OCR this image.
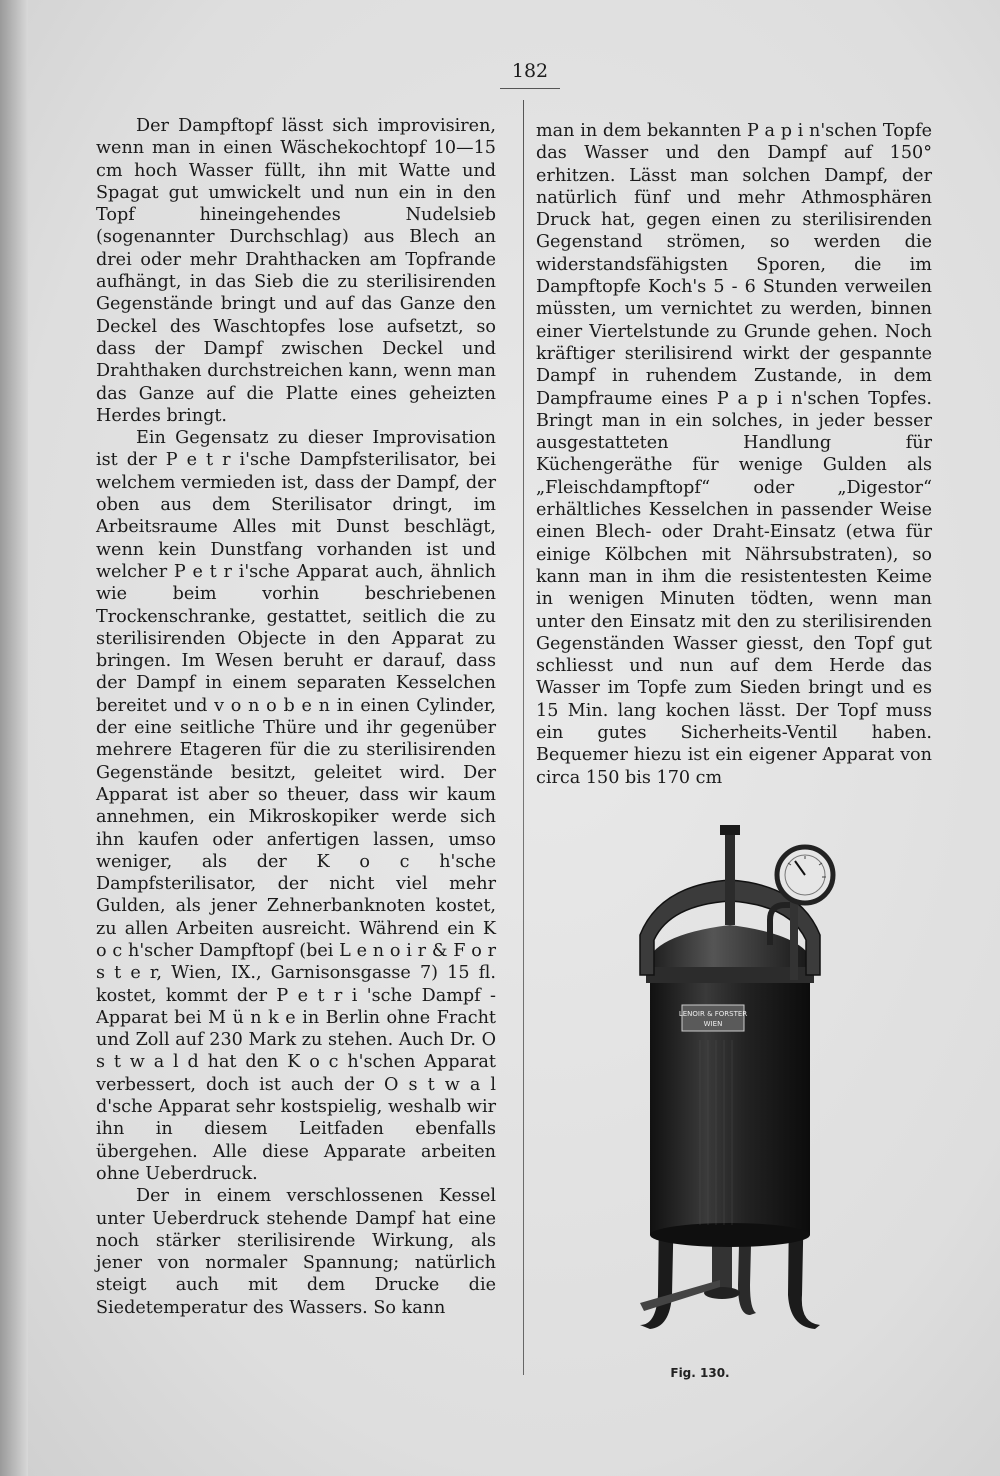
182

Der Dampftopf lässt sich improvisiren, wenn man in einen Wäschekochtopf 10—15 cm hoch Wasser füllt, ihn mit Watte und Spagat gut umwickelt und nun ein in den Topf hineingehendes Nudelsieb (sogenannter Durchschlag) aus Blech an drei oder mehr Drahthacken am Topfrande aufhängt, in das Sieb die zu sterilisirenden Gegenstände bringt und auf das Ganze den Deckel des Waschtopfes lose aufsetzt, so dass der Dampf zwischen Deckel und Drahthaken durchstreichen kann, wenn man das Ganze auf die Platte eines geheizten Herdes bringt.

Ein Gegensatz zu dieser Improvisation ist der P e t r i'sche Dampfsterilisator, bei welchem vermieden ist, dass der Dampf, der oben aus dem Sterilisator dringt, im Arbeitsraume Alles mit Dunst beschlägt, wenn kein Dunstfang vorhanden ist und welcher P e t r i'sche Apparat auch, ähnlich wie beim vorhin beschriebenen Trockenschranke, gestattet, seitlich die zu sterilisirenden Objecte in den Apparat zu bringen. Im Wesen beruht er darauf, dass der Dampf in einem separaten Kesselchen bereitet und v o n o b e n in einen Cylinder, der eine seitliche Thüre und ihr gegenüber mehrere Etageren für die zu sterilisirenden Gegenstände besitzt, geleitet wird. Der Apparat ist aber so theuer, dass wir kaum annehmen, ein Mikroskopiker werde sich ihn kaufen oder anfertigen lassen, umso weniger, als der K o c h'sche Dampfsterilisator, der nicht viel mehr Gulden, als jener Zehnerbanknoten kostet, zu allen Arbeiten ausreicht. Während ein K o c h'scher Dampftopf (bei L e n o i r & F o r s t e r, Wien, IX., Garnisonsgasse 7) 15 fl. kostet, kommt der P e t r i 'sche Dampf - Apparat bei M ü n k e in Berlin ohne Fracht und Zoll auf 230 Mark zu stehen. Auch Dr. O s t w a l d hat den K o c h'schen Apparat verbessert, doch ist auch der O s t w a l d'sche Apparat sehr kostspielig, weshalb wir ihn in diesem Leitfaden ebenfalls übergehen. Alle diese Apparate arbeiten ohne Ueberdruck.

Der in einem verschlossenen Kessel unter Ueberdruck stehende Dampf hat eine noch stärker sterilisirende Wirkung, als jener von normaler Spannung; natürlich steigt auch mit dem Drucke die Siedetemperatur des Wassers. So kann

man in dem bekannten P a p i n'schen Topfe das Wasser und den Dampf auf 150° erhitzen. Lässt man solchen Dampf, der natürlich fünf und mehr Athmosphären Druck hat, gegen einen zu sterilisirenden Gegenstand strömen, so werden die widerstandsfähigsten Sporen, die im Dampftopfe Koch's 5 - 6 Stunden verweilen müssten, um vernichtet zu werden, binnen einer Viertelstunde zu Grunde gehen. Noch kräftiger sterilisirend wirkt der gespannte Dampf in ruhendem Zustande, in dem Dampfraume eines P a p i n'schen Topfes. Bringt man in ein solches, in jeder besser ausgestatteten Handlung für Küchengeräthe für wenige Gulden als „Fleischdampftopf“ oder „Digestor“ erhältliches Kesselchen in passender Weise einen Blech- oder Draht-Einsatz (etwa für einige Kölbchen mit Nährsubstraten), so kann man in ihm die resistentesten Keime in wenigen Minuten tödten, wenn man unter den Einsatz mit den zu sterilisirenden Gegenständen Wasser giesst, den Topf gut schliesst und nun auf dem Herde das Wasser im Topfe zum Sieden bringt und es 15 Min. lang kochen lässt. Der Topf muss ein gutes Sicherheits-Ventil haben. Bequemer hiezu ist ein eigener Apparat von circa 150 bis 170 cm

LENOIR & FORSTER
WIEN
Fig. 130.
